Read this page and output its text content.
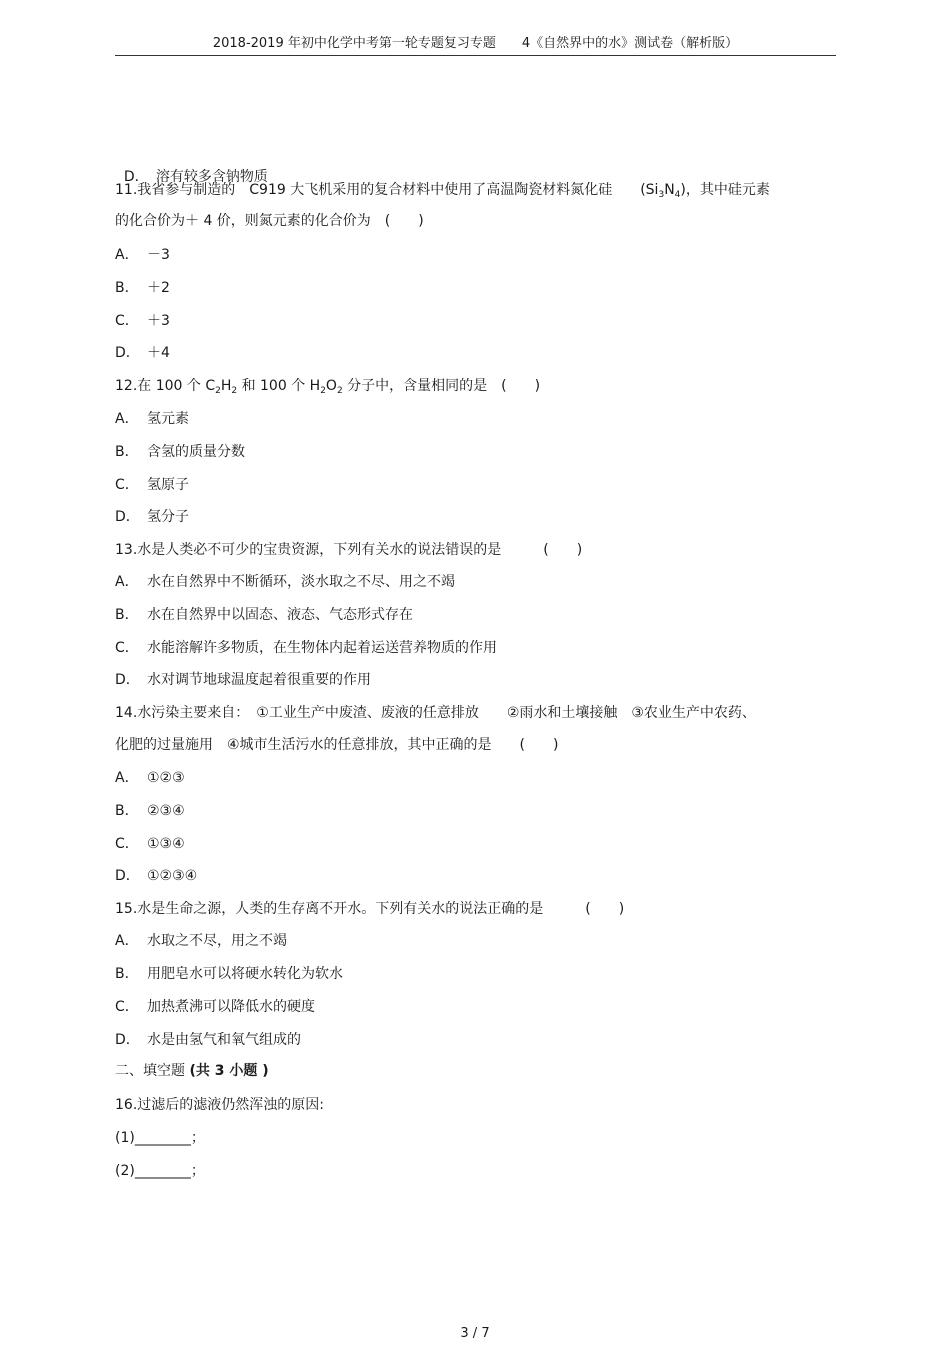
2018-2019 年初中化学中考第一轮专题复习专题　　4《自然界中的水》测试卷（解析版）

D． 溶有较多含钠物质

11.我省参与制造的　C919 大飞机采用的复合材料中使用了高温陶瓷材料氮化硅　　$(Si_3N_4)$，其中硅元素
的化合价为＋ 4 价，则氮元素的化合价为　(　　)
A． －3
B． ＋2
C． ＋3
D． ＋4
12.在 100 个 $C_2H_2$ 和 100 个 $H_2O_2$ 分子中，含量相同的是　(　　)
A． 氢元素
B． 含氢的质量分数
C． 氢原子
D． 氢分子
13.水是人类必不可少的宝贵资源，下列有关水的说法错误的是　　　(　　)
A． 水在自然界中不断循环，淡水取之不尽、用之不竭
B． 水在自然界中以固态、液态、气态形式存在
C． 水能溶解许多物质，在生物体内起着运送营养物质的作用
D． 水对调节地球温度起着很重要的作用
14.水污染主要来自：　①工业生产中废渣、废液的任意排放　　②雨水和土壤接触　③农业生产中农药、
化肥的过量施用　④城市生活污水的任意排放，其中正确的是　　(　　)
A． ①②③
B． ②③④
C． ①③④
D． ①②③④
15.水是生命之源，人类的生存离不开水。下列有关水的说法正确的是　　　(　　)
A． 水取之不尽，用之不竭
B． 用肥皂水可以将硬水转化为软水
C． 加热煮沸可以降低水的硬度
D． 水是由氢气和氧气组成的
二、填空题 (共 3 小题 )
16.过滤后的滤液仍然浑浊的原因:
(1)________；
(2)________；
3 / 7
